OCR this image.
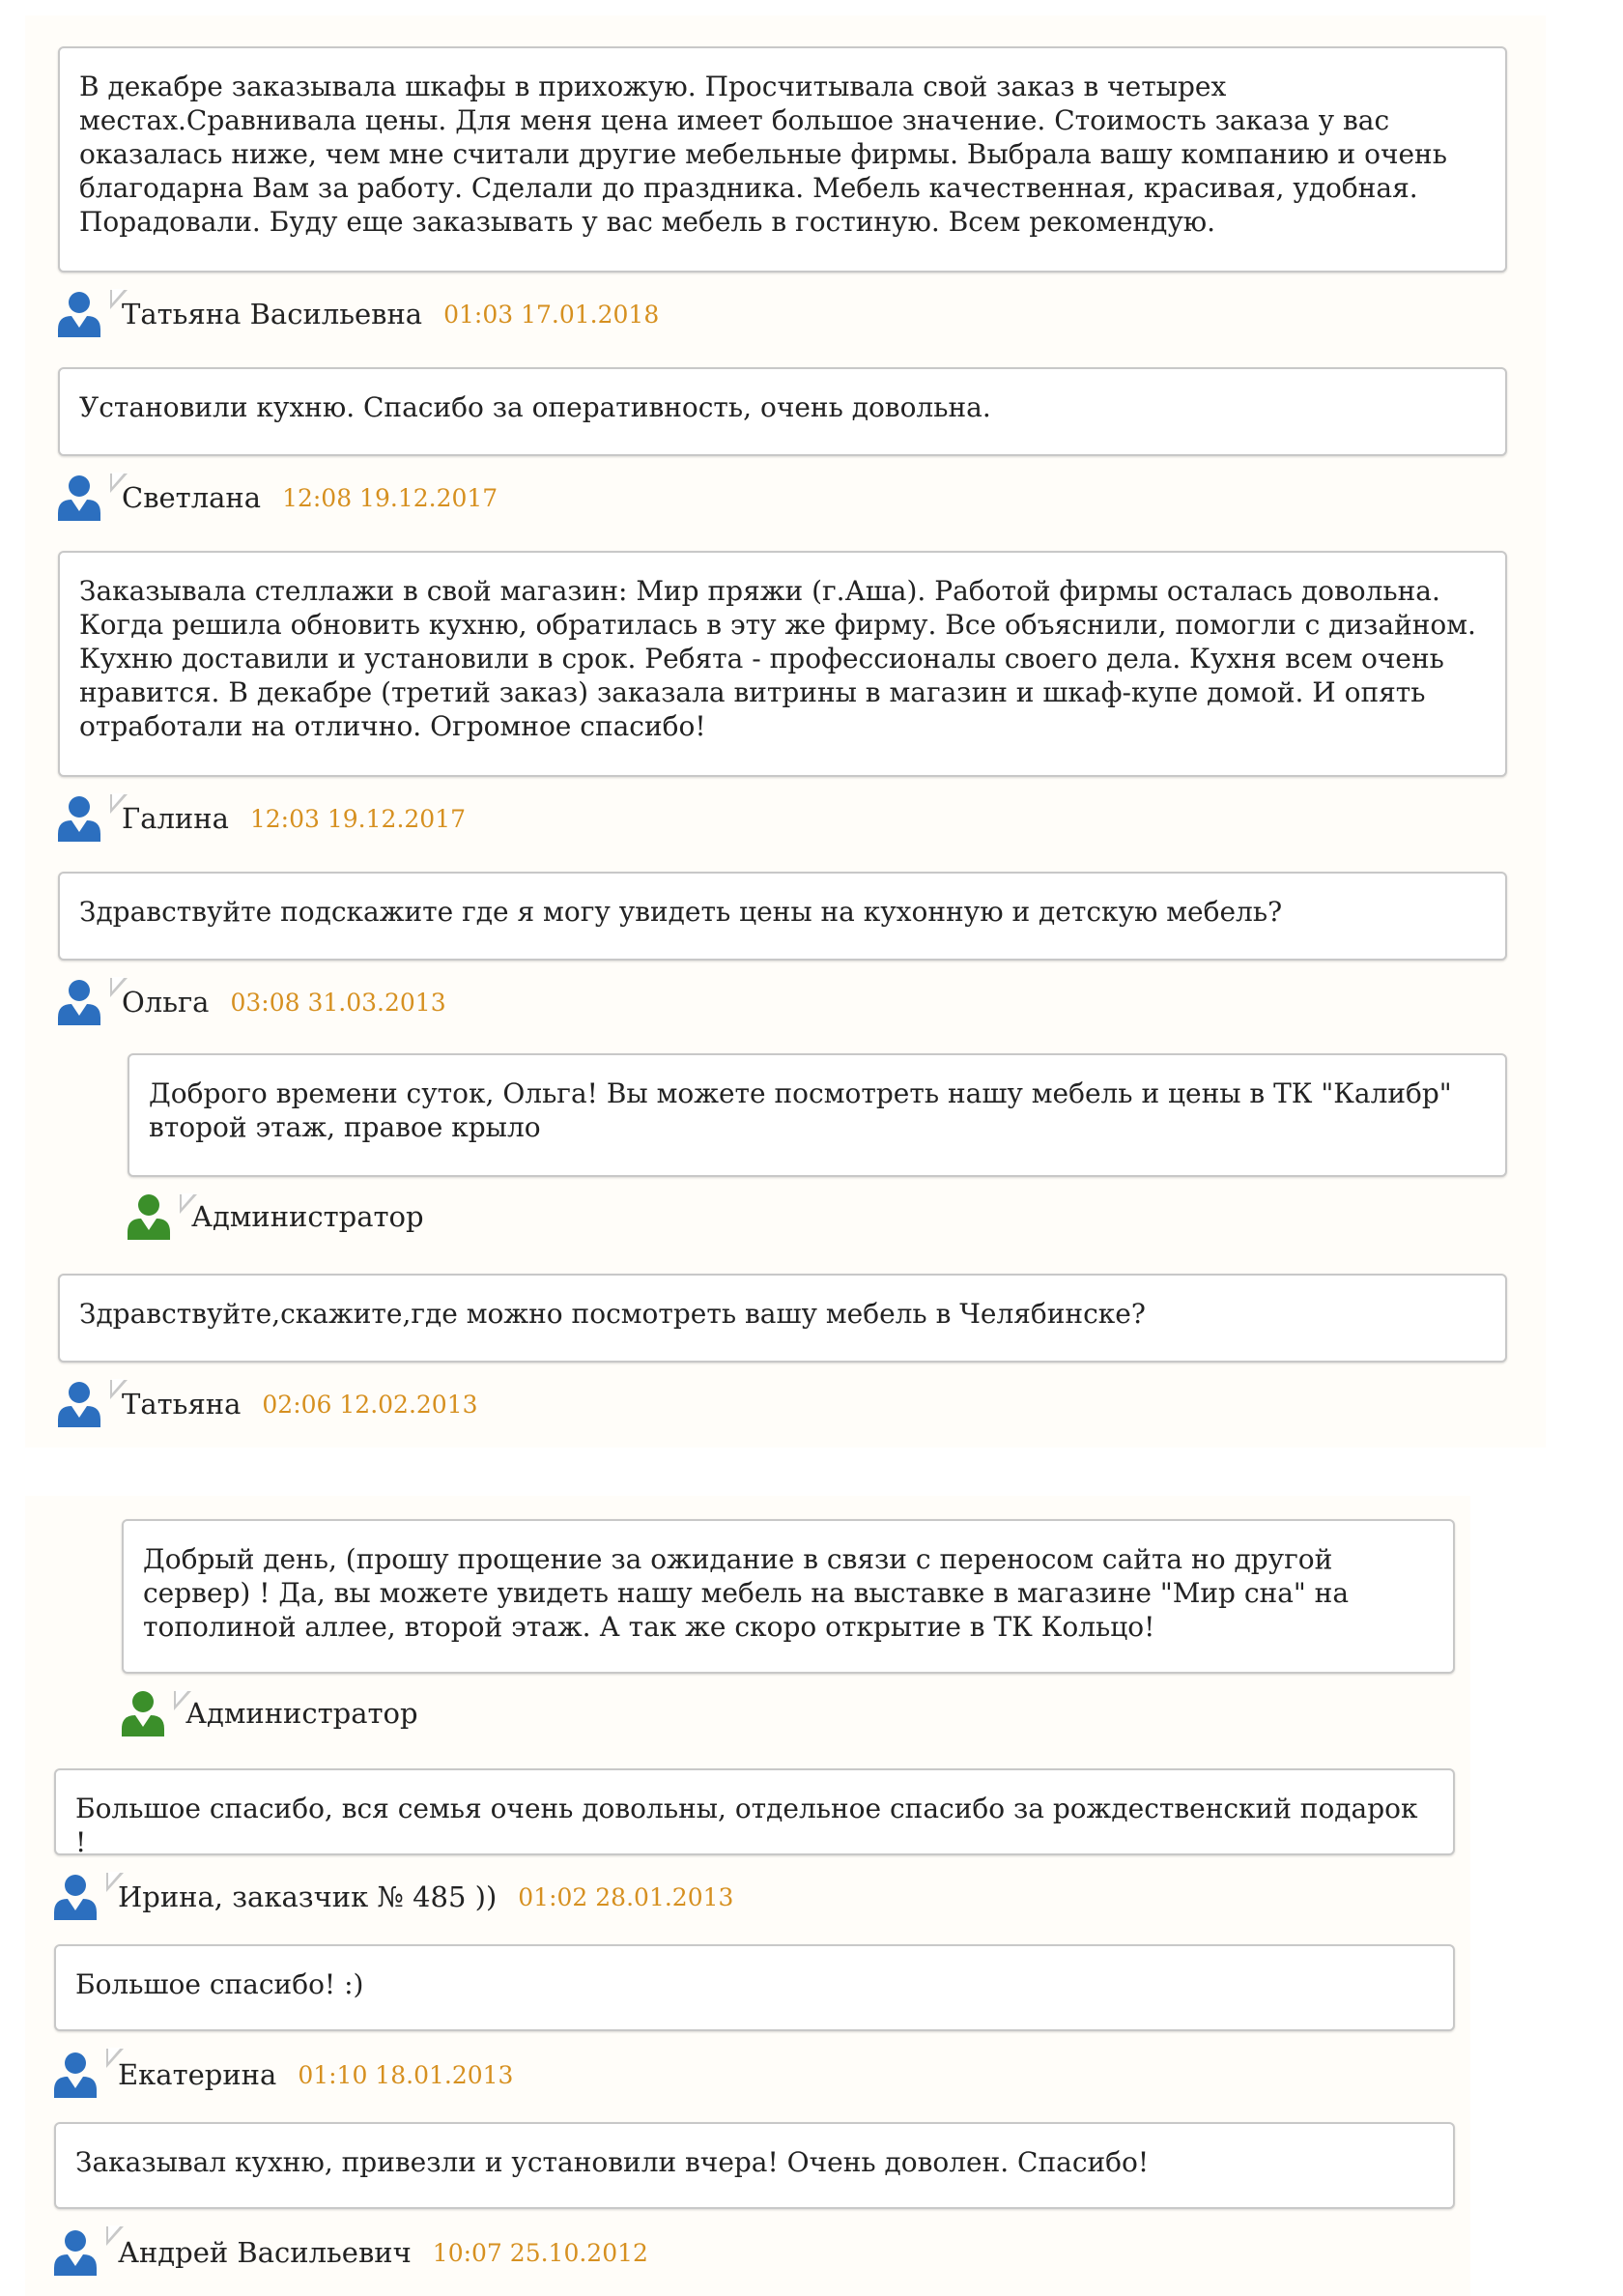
В декабре заказывала шкафы в прихожую. Просчитывала свой заказ в четырех местах.Сравнивала цены. Для меня цена имеет большое значение. Стоимость заказа у вас оказалась ниже, чем мне считали другие мебельные фирмы. Выбрала вашу компанию и очень благодарна Вам за работу. Сделали до праздника. Мебель качественная, красивая, удобная. Порадовали. Буду еще заказывать у вас мебель в гостиную. Всем рекомендую.
Татьяна Васильевна 01:03 17.01.2018
Установили кухню. Спасибо за оперативность, очень довольна.
Светлана 12:08 19.12.2017
Заказывала стеллажи в свой магазин: Мир пряжи (г.Аша). Работой фирмы осталась довольна. Когда решила обновить кухню, обратилась в эту же фирму. Все объяснили, помогли с дизайном. Кухню доставили и установили в срок. Ребята - профессионалы своего дела. Кухня всем очень нравится. В декабре (третий заказ) заказала витрины в магазин и шкаф-купе домой. И опять отработали на отлично. Огромное спасибо!
Галина 12:03 19.12.2017
Здравствуйте подскажите где я могу увидеть цены на кухонную и детскую мебель?
Ольга 03:08 31.03.2013
Доброго времени суток, Ольга! Вы можете посмотреть нашу мебель и цены в ТК "Калибр" второй этаж, правое крыло
Администратор
Здравствуйте,скажите,где можно посмотреть вашу мебель в Челябинске?
Татьяна 02:06 12.02.2013
Добрый день, (прошу прощение за ожидание в связи с переносом сайта но другой сервер) ! Да, вы можете увидеть нашу мебель на выставке в магазине "Мир сна" на тополиной аллее, второй этаж. А так же скоро открытие в ТК Кольцо!
Администратор
Большое спасибо, вся семья очень довольны, отдельное спасибо за рождественский подарок !
Ирина, заказчик № 485 )) 01:02 28.01.2013
Большое спасибо! :)
Екатерина 01:10 18.01.2013
Заказывал кухню, привезли и установили вчера! Очень доволен. Спасибо!
Андрей Васильевич 10:07 25.10.2012
